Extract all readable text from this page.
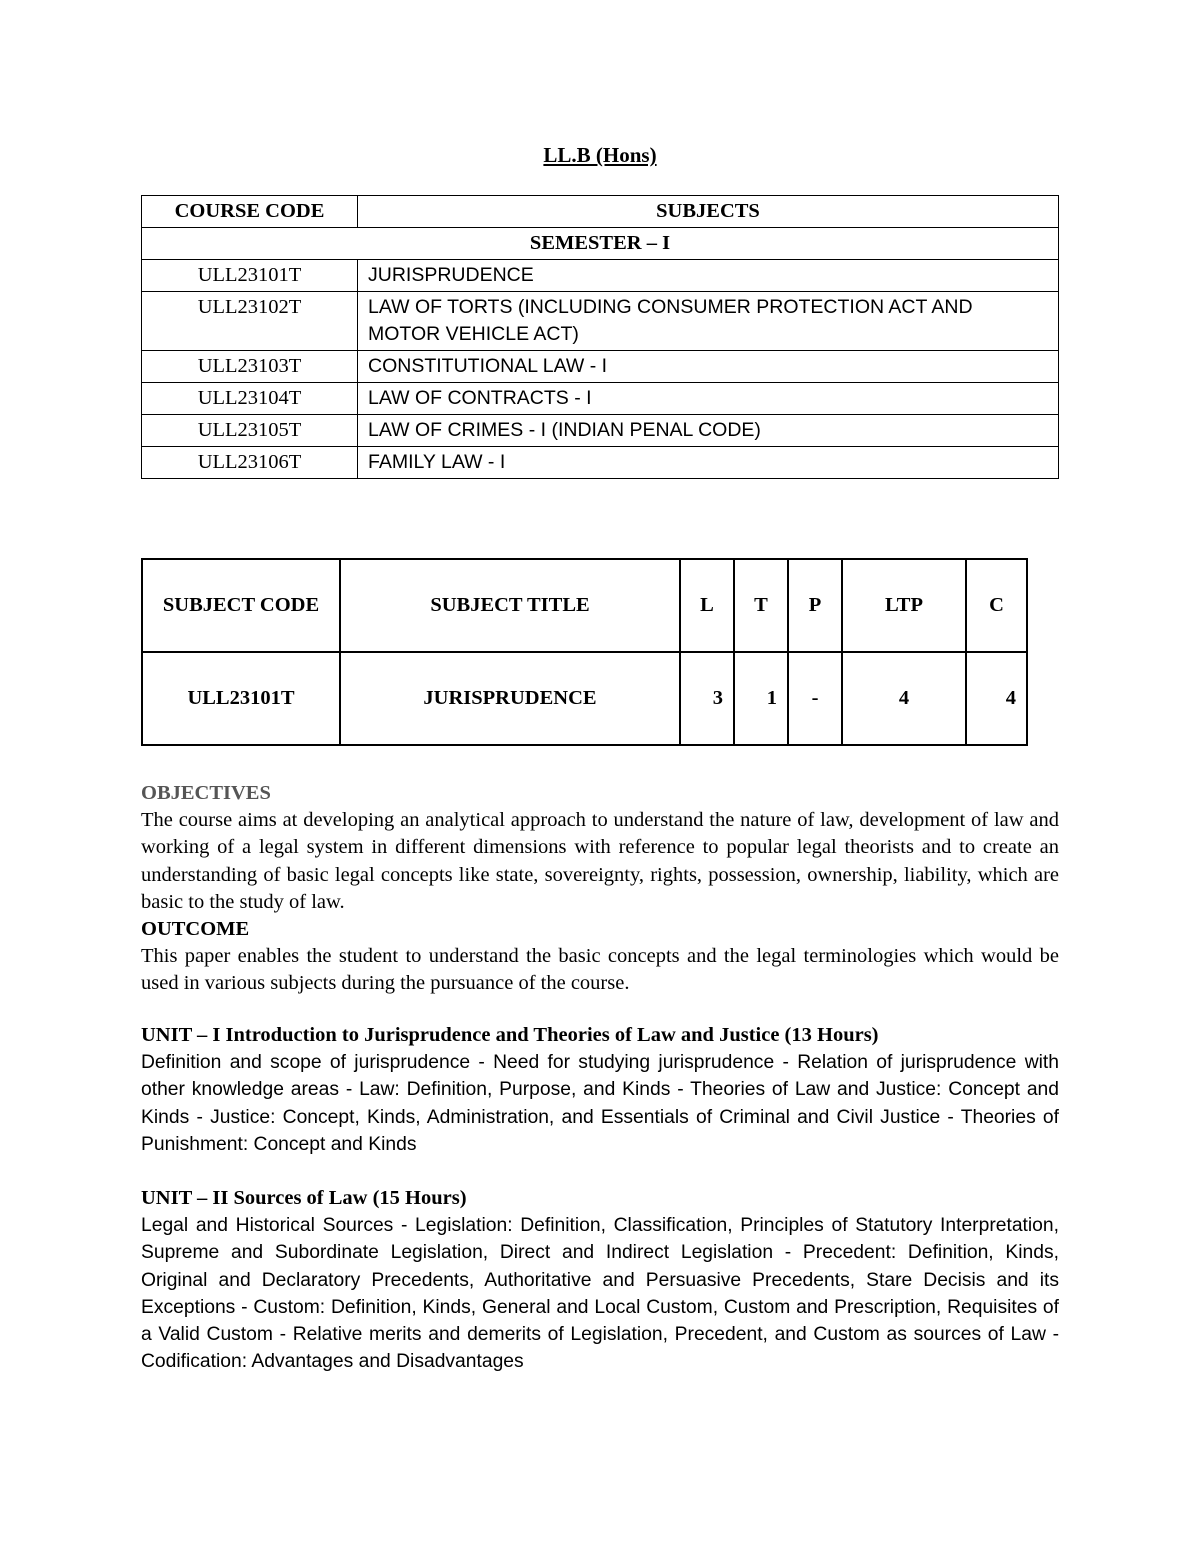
LL.B (Hons)
COURSE CODE	SUBJECTS
SEMESTER – I	
ULL23101T	JURISPRUDENCE
ULL23102T	LAW OF TORTS (INCLUDING CONSUMER PROTECTION ACT AND MOTOR VEHICLE ACT)
ULL23103T	CONSTITUTIONAL LAW - I
ULL23104T	LAW OF CONTRACTS - I
ULL23105T	LAW OF CRIMES - I (INDIAN PENAL CODE)
ULL23106T	FAMILY LAW - I
SUBJECT CODE	SUBJECT TITLE	L	T	P	LTP	C
ULL23101T	JURISPRUDENCE	3	1	-	4	4
OBJECTIVES
The course aims at developing an analytical approach to understand the nature of law, development of law and working of a legal system in different dimensions with reference to popular legal theorists and to create an understanding of basic legal concepts like state, sovereignty, rights, possession, ownership, liability, which are basic to the study of law.
OUTCOME
This paper enables the student to understand the basic concepts and the legal terminologies which would be used in various subjects during the pursuance of the course.
UNIT – I Introduction to Jurisprudence and Theories of Law and Justice (13 Hours)
Definition and scope of jurisprudence - Need for studying jurisprudence - Relation of jurisprudence with other knowledge areas - Law: Definition, Purpose, and Kinds - Theories of Law and Justice: Concept and Kinds - Justice: Concept, Kinds, Administration, and Essentials of Criminal and Civil Justice - Theories of Punishment: Concept and Kinds
UNIT – II Sources of Law (15 Hours)
Legal and Historical Sources - Legislation: Definition, Classification, Principles of Statutory Interpretation, Supreme and Subordinate Legislation, Direct and Indirect Legislation - Precedent: Definition, Kinds, Original and Declaratory Precedents, Authoritative and Persuasive Precedents, Stare Decisis and its Exceptions - Custom: Definition, Kinds, General and Local Custom, Custom and Prescription, Requisites of a Valid Custom - Relative merits and demerits of Legislation, Precedent, and Custom as sources of Law - Codification: Advantages and Disadvantages
